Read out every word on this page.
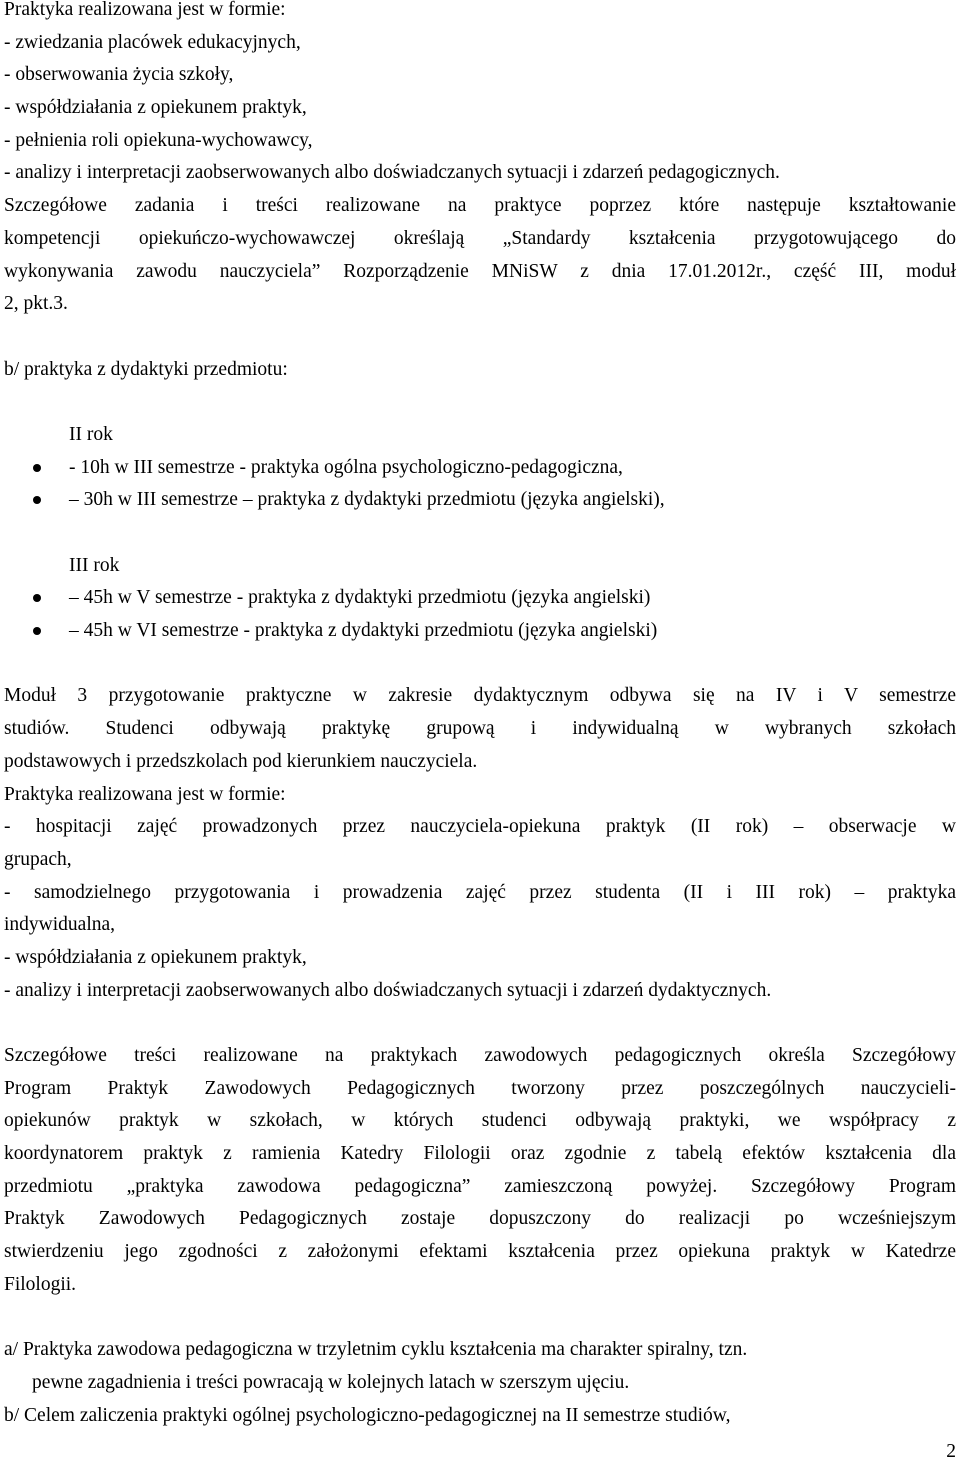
Praktyka realizowana jest w formie:
- zwiedzania placówek edukacyjnych,
- obserwowania życia szkoły,
- współdziałania z opiekunem praktyk,
- pełnienia roli opiekuna-wychowawcy,
- analizy i interpretacji zaobserwowanych albo doświadczanych sytuacji i zdarzeń pedagogicznych.
Szczegółowe zadania i treści realizowane na praktyce poprzez które następuje kształtowanie
kompetencji opiekuńczo-wychowawczej określają „Standardy kształcenia przygotowującego do
wykonywania zawodu nauczyciela” Rozporządzenie MNiSW z dnia 17.01.2012r., część III, moduł
2, pkt.3.
b/ praktyka z dydaktyki przedmiotu:
II rok
- 10h w III semestrze - praktyka ogólna psychologiczno-pedagogiczna,
– 30h w III semestrze – praktyka z dydaktyki przedmiotu (języka angielski),
III rok
– 45h w V semestrze - praktyka z dydaktyki przedmiotu (języka angielski)
– 45h w VI semestrze - praktyka z dydaktyki przedmiotu (języka angielski)
Moduł 3 przygotowanie praktyczne w zakresie dydaktycznym odbywa się na IV i V semestrze
studiów. Studenci odbywają praktykę grupową i indywidualną w wybranych szkołach
podstawowych i przedszkolach pod kierunkiem nauczyciela.
Praktyka realizowana jest w formie:
- hospitacji zajęć prowadzonych przez nauczyciela-opiekuna praktyk (II rok) – obserwacje w
grupach,
- samodzielnego przygotowania i prowadzenia zajęć przez studenta (II i III rok) – praktyka
indywidualna,
- współdziałania z opiekunem praktyk,
- analizy i interpretacji zaobserwowanych albo doświadczanych sytuacji i zdarzeń dydaktycznych.
Szczegółowe treści realizowane na praktykach zawodowych pedagogicznych określa Szczegółowy
Program Praktyk Zawodowych Pedagogicznych tworzony przez poszczególnych nauczycieli-
opiekunów praktyk w szkołach, w których studenci odbywają praktyki, we współpracy z
koordynatorem praktyk z ramienia Katedry Filologii oraz zgodnie z tabelą efektów kształcenia dla
przedmiotu „praktyka zawodowa pedagogiczna” zamieszczoną powyżej. Szczegółowy Program
Praktyk Zawodowych Pedagogicznych zostaje dopuszczony do realizacji po wcześniejszym
stwierdzeniu jego zgodności z założonymi efektami kształcenia przez opiekuna praktyk w Katedrze
Filologii.
a/ Praktyka zawodowa pedagogiczna w trzyletnim cyklu kształcenia ma charakter spiralny, tzn.
pewne zagadnienia i treści powracają w kolejnych latach w szerszym ujęciu.
b/ Celem zaliczenia praktyki ogólnej psychologiczno-pedagogicznej na II semestrze studiów,
2
